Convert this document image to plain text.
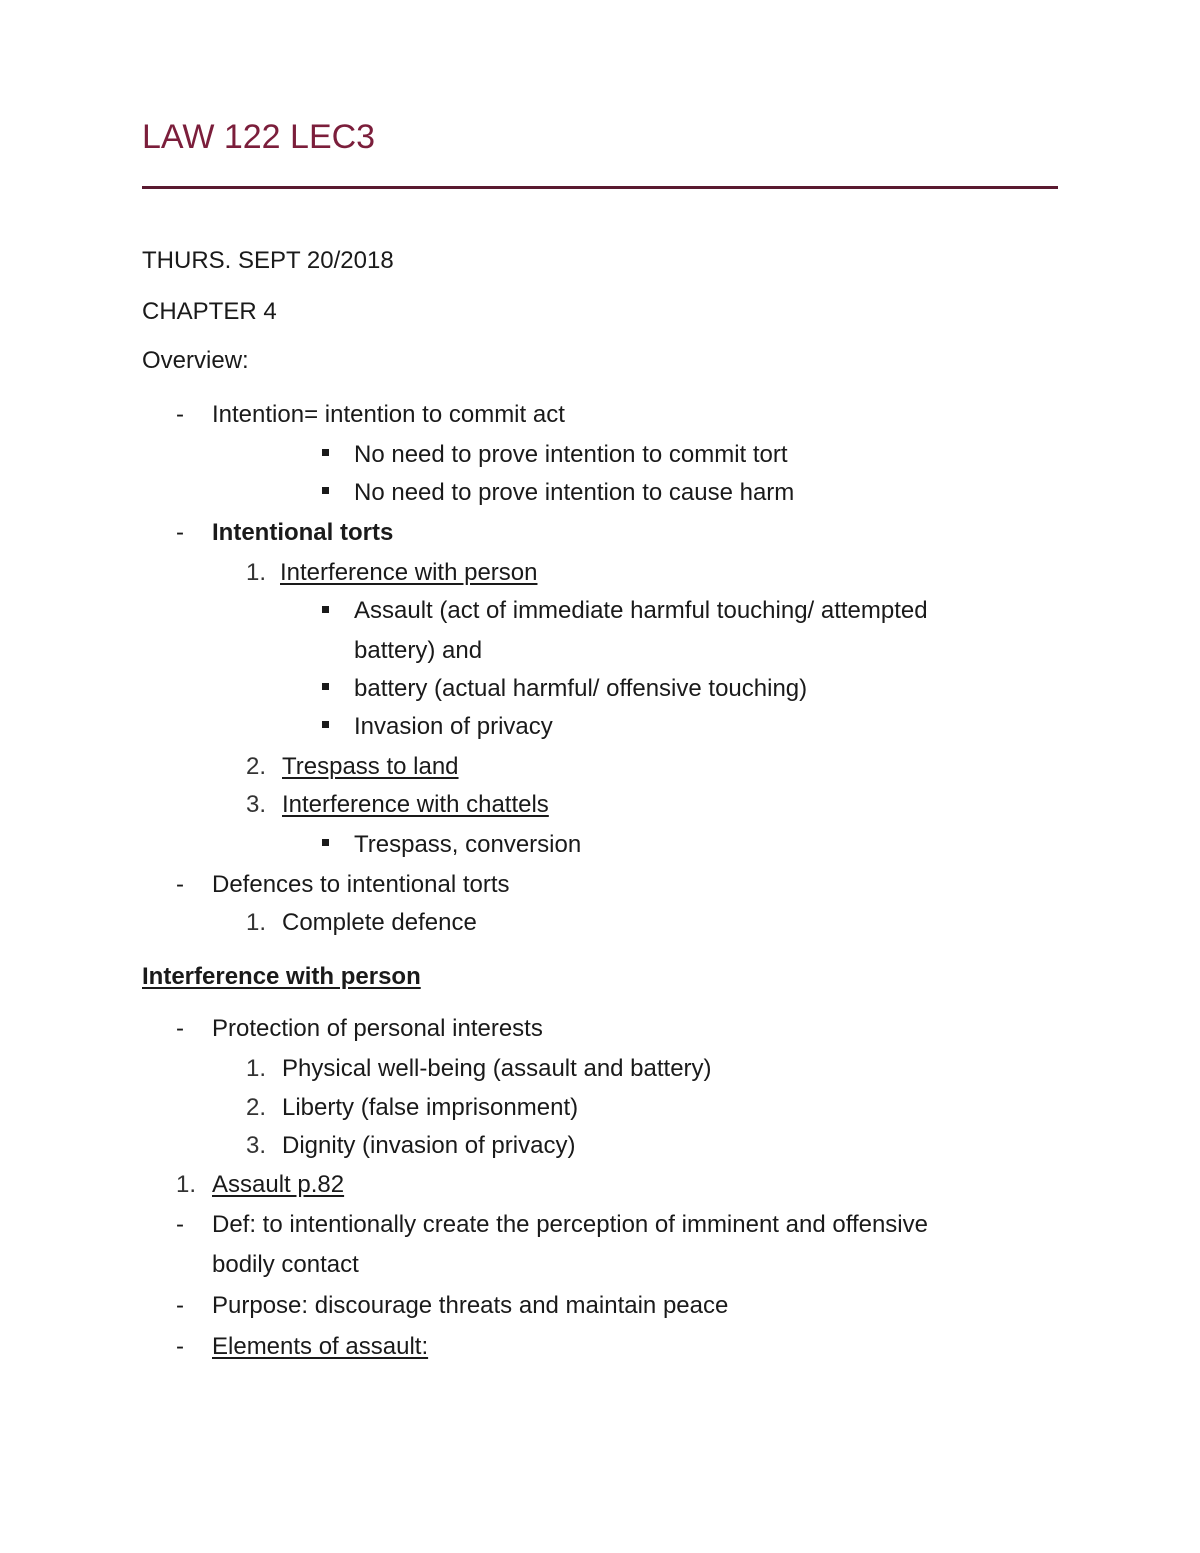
LAW 122 LEC3
THURS. SEPT 20/2018
CHAPTER 4
Overview:
- Intention= intention to commit act
No need to prove intention to commit tort
No need to prove intention to cause harm
- Intentional torts
1. Interference with person
Assault (act of immediate harmful touching/ attempted
battery) and
battery (actual harmful/ offensive touching)
Invasion of privacy
2. Trespass to land
3. Interference with chattels
Trespass, conversion
- Defences to intentional torts
1. Complete defence
Interference with person
- Protection of personal interests
1. Physical well-being (assault and battery)
2. Liberty (false imprisonment)
3. Dignity (invasion of privacy)
1. Assault p.82
- Def: to intentionally create the perception of imminent and offensive
bodily contact
- Purpose: discourage threats and maintain peace
- Elements of assault:
